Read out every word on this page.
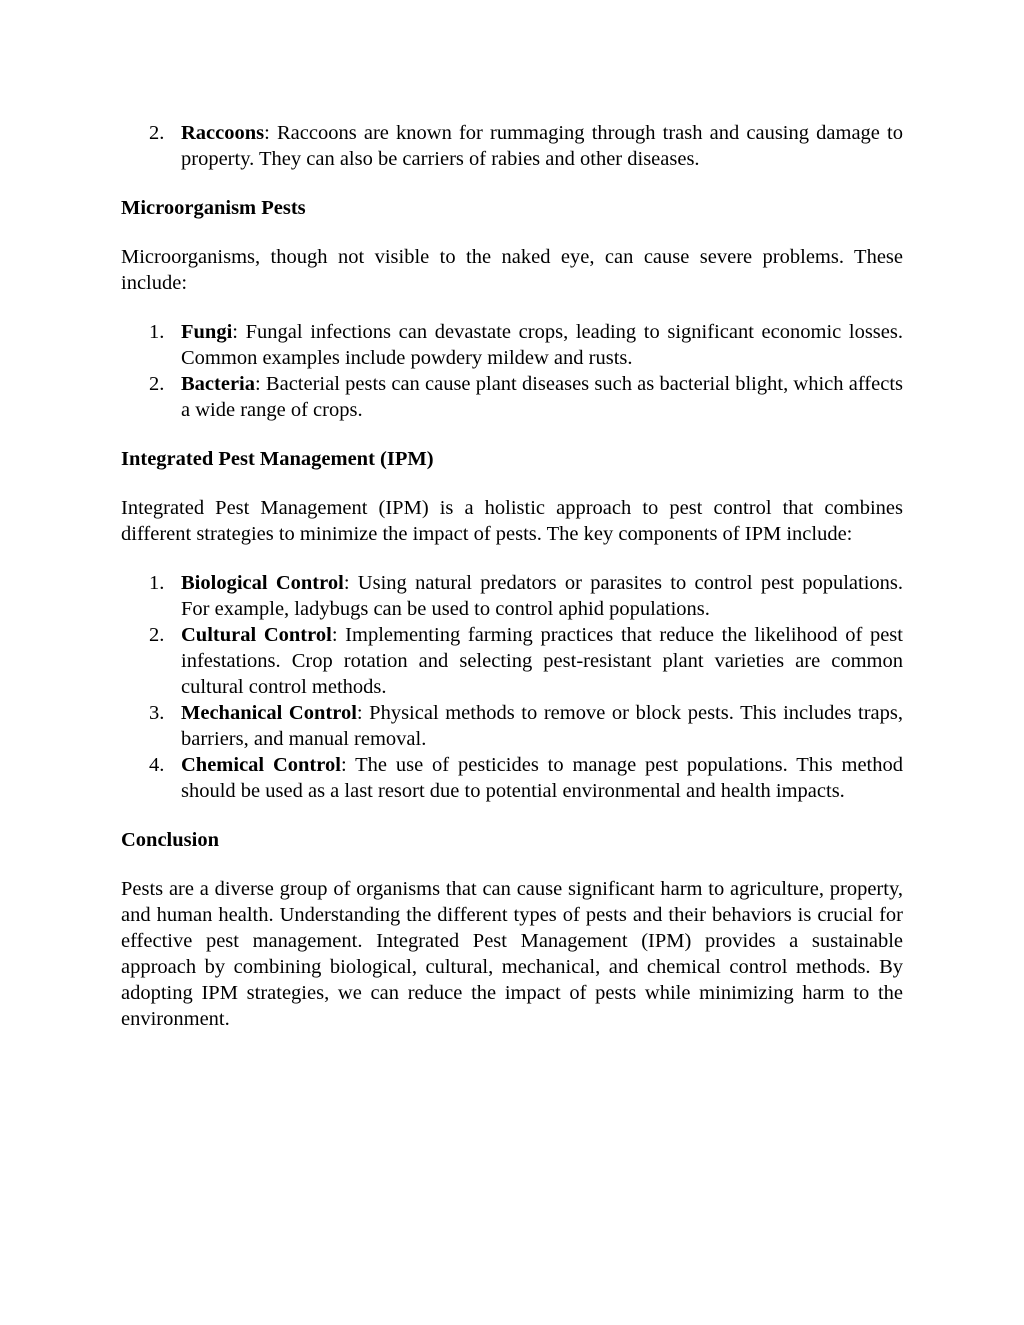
2. Raccoons: Raccoons are known for rummaging through trash and causing damage to property. They can also be carriers of rabies and other diseases.

Microorganism Pests

Microorganisms, though not visible to the naked eye, can cause severe problems. These include:

1. Fungi: Fungal infections can devastate crops, leading to significant economic losses. Common examples include powdery mildew and rusts.
2. Bacteria: Bacterial pests can cause plant diseases such as bacterial blight, which affects a wide range of crops.

Integrated Pest Management (IPM)

Integrated Pest Management (IPM) is a holistic approach to pest control that combines different strategies to minimize the impact of pests. The key components of IPM include:

1. Biological Control: Using natural predators or parasites to control pest populations. For example, ladybugs can be used to control aphid populations.
2. Cultural Control: Implementing farming practices that reduce the likelihood of pest infestations. Crop rotation and selecting pest-resistant plant varieties are common cultural control methods.
3. Mechanical Control: Physical methods to remove or block pests. This includes traps, barriers, and manual removal.
4. Chemical Control: The use of pesticides to manage pest populations. This method should be used as a last resort due to potential environmental and health impacts.

Conclusion

Pests are a diverse group of organisms that can cause significant harm to agriculture, property, and human health. Understanding the different types of pests and their behaviors is crucial for effective pest management. Integrated Pest Management (IPM) provides a sustainable approach by combining biological, cultural, mechanical, and chemical control methods. By adopting IPM strategies, we can reduce the impact of pests while minimizing harm to the environment.
